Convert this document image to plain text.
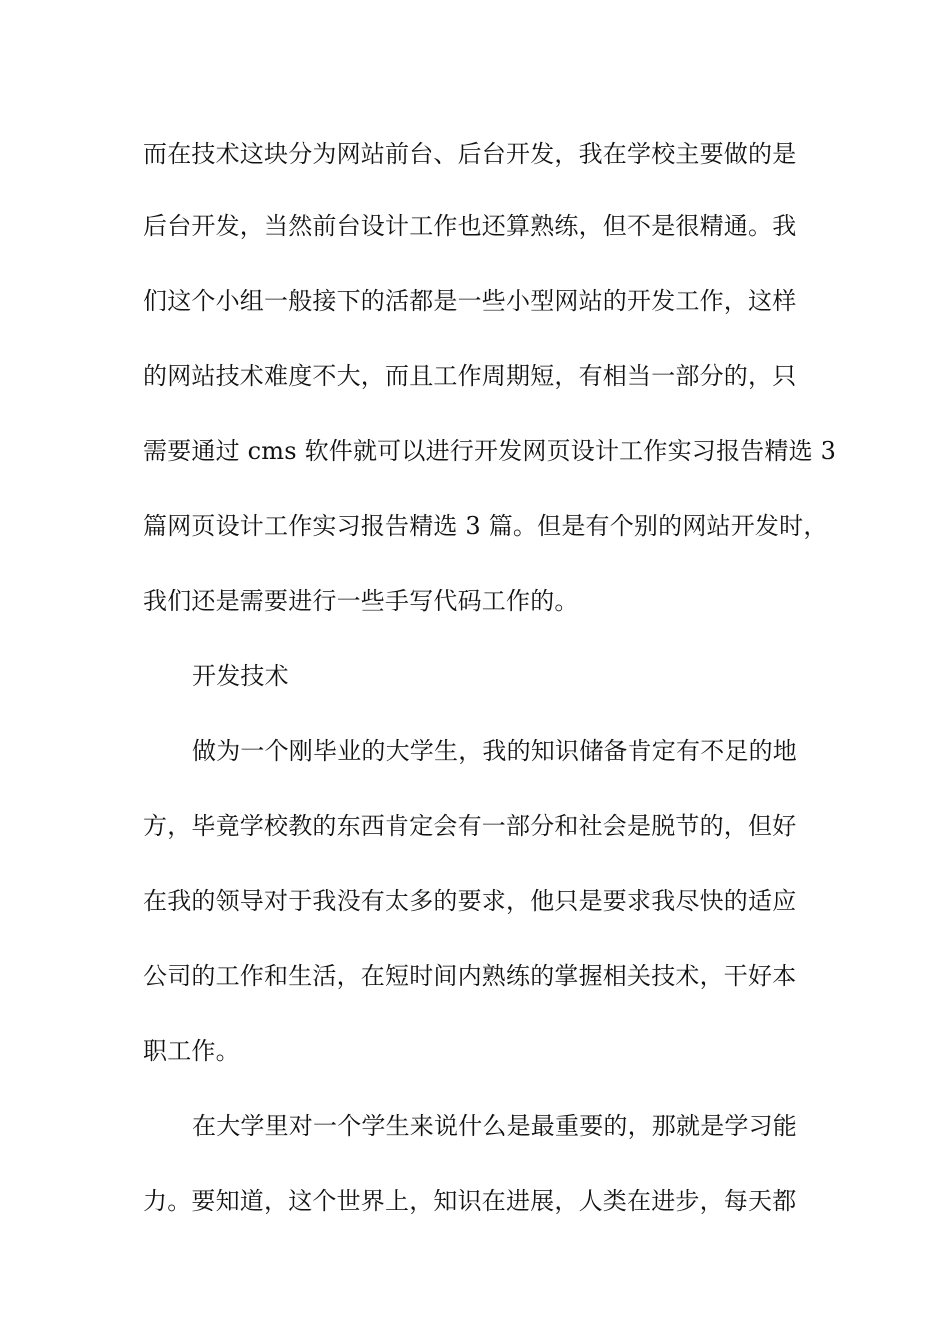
而在技术这块分为网站前台、后台开发，我在学校主要做的是
后台开发，当然前台设计工作也还算熟练，但不是很精通。我
们这个小组一般接下的活都是一些小型网站的开发工作，这样
的网站技术难度不大，而且工作周期短，有相当一部分的，只
需要通过 cms 软件就可以进行开发网页设计工作实习报告精选 3
篇网页设计工作实习报告精选 3 篇。但是有个别的网站开发时，
我们还是需要进行一些手写代码工作的。
开发技术
做为一个刚毕业的大学生，我的知识储备肯定有不足的地
方，毕竟学校教的东西肯定会有一部分和社会是脱节的，但好
在我的领导对于我没有太多的要求，他只是要求我尽快的适应
公司的工作和生活，在短时间内熟练的掌握相关技术，干好本
职工作。
在大学里对一个学生来说什么是最重要的，那就是学习能
力。要知道，这个世界上，知识在进展，人类在进步，每天都
